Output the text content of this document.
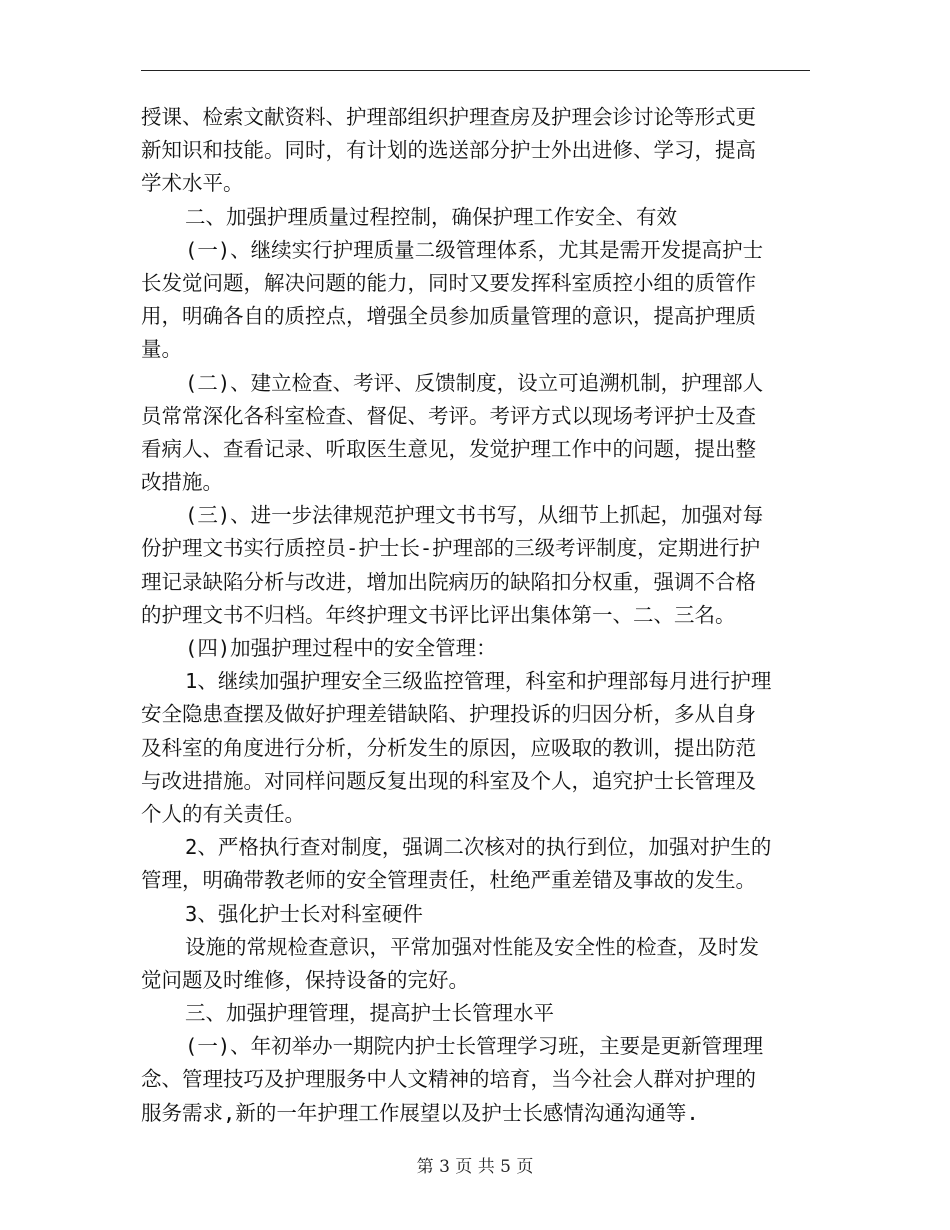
授课、检索文献资料、护理部组织护理查房及护理会诊讨论等形式更
新知识和技能。同时，有计划的选送部分护士外出进修、学习，提高
学术水平。
二、加强护理质量过程控制，确保护理工作安全、有效
(一)、继续实行护理质量二级管理体系，尤其是需开发提高护士
长发觉问题，解决问题的能力，同时又要发挥科室质控小组的质管作
用，明确各自的质控点，增强全员参加质量管理的意识，提高护理质
量。
(二)、建立检查、考评、反馈制度，设立可追溯机制，护理部人
员常常深化各科室检查、督促、考评。考评方式以现场考评护士及查
看病人、查看记录、听取医生意见，发觉护理工作中的问题，提出整
改措施。
(三)、进一步法律规范护理文书书写，从细节上抓起，加强对每
份护理文书实行质控员-护士长-护理部的三级考评制度，定期进行护
理记录缺陷分析与改进，增加出院病历的缺陷扣分权重，强调不合格
的护理文书不归档。年终护理文书评比评出集体第一、二、三名。
(四)加强护理过程中的安全管理：
1、继续加强护理安全三级监控管理，科室和护理部每月进行护理
安全隐患查摆及做好护理差错缺陷、护理投诉的归因分析，多从自身
及科室的角度进行分析，分析发生的原因，应吸取的教训，提出防范
与改进措施。对同样问题反复出现的科室及个人，追究护士长管理及
个人的有关责任。
2、严格执行查对制度，强调二次核对的执行到位，加强对护生的
管理，明确带教老师的安全管理责任，杜绝严重差错及事故的发生。
3、强化护士长对科室硬件
设施的常规检查意识，平常加强对性能及安全性的检查，及时发
觉问题及时维修，保持设备的完好。
三、加强护理管理，提高护士长管理水平
(一)、年初举办一期院内护士长管理学习班，主要是更新管理理
念、管理技巧及护理服务中人文精神的培育，当今社会人群对护理的
服务需求,新的一年护理工作展望以及护士长感情沟通沟通等.
第 3 页 共 5 页
